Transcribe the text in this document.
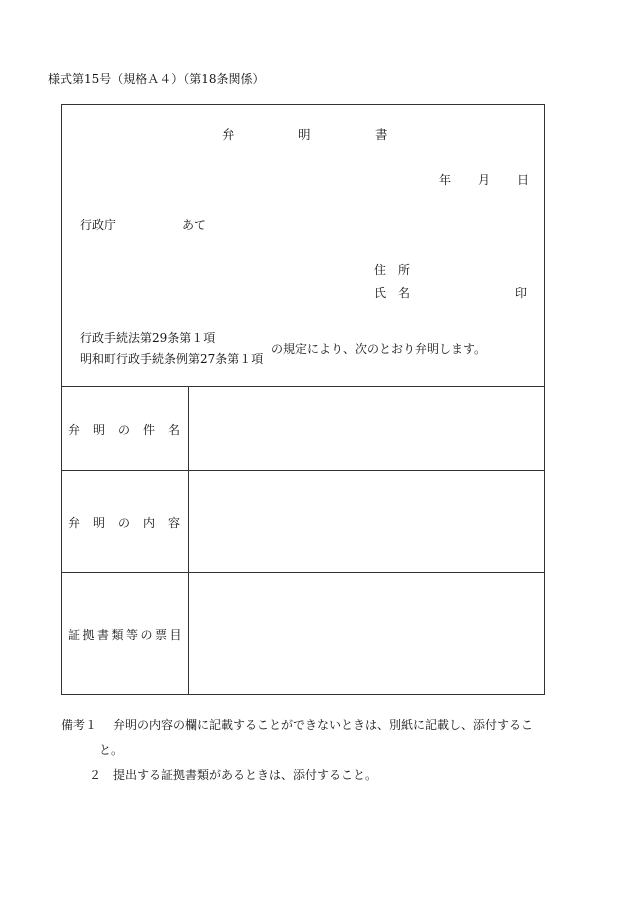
様式第15号（規格Ａ４）（第18条関係）
弁	明	書
年 月 日
行政庁	あて
住　所
氏　名	印
行政手続法第29条第１項
明和町行政手続条例第27条第１項
の規定により、次のとおり弁明します。
弁 明 の 件 名
弁 明 の 内 容
証 拠 書 類 等 の 票 目
備考１ 弁明の内容の欄に記載することができないときは、別紙に記載し、添付するこ
と。
２ 提出する証拠書類があるときは、添付すること。
